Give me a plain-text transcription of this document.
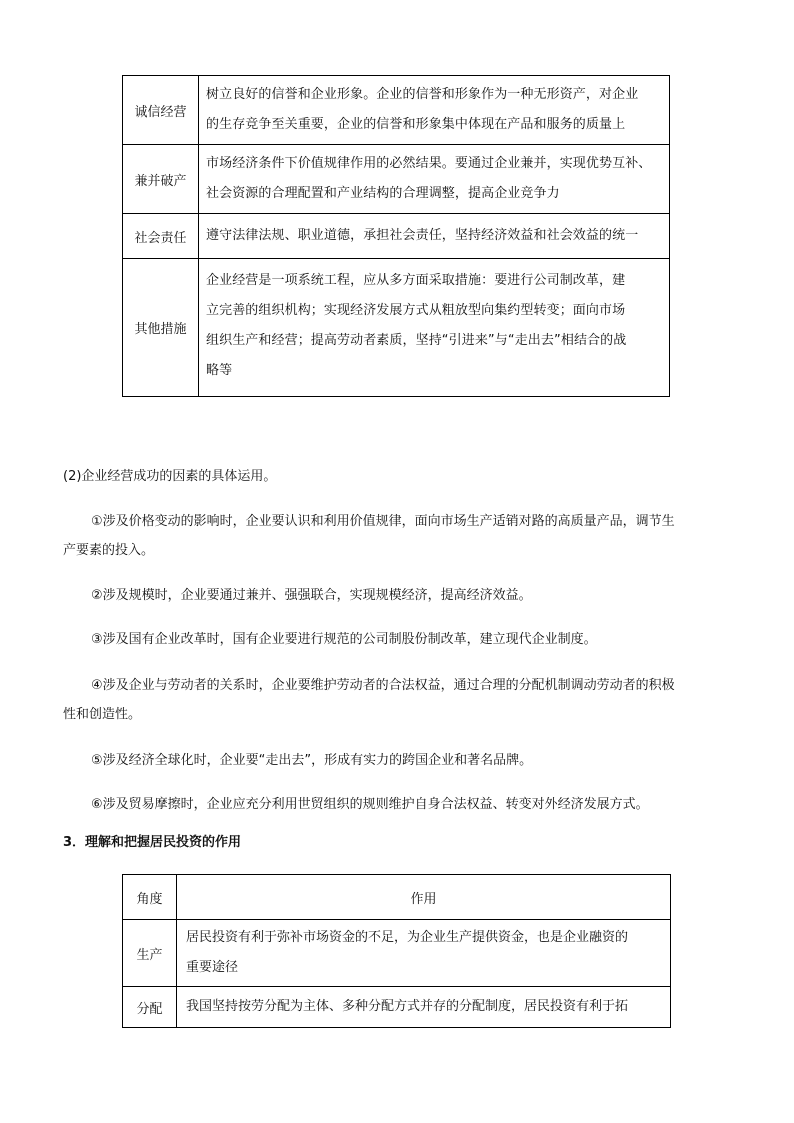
诚信经营	树立良好的信誉和企业形象。企业的信誉和形象作为一种无形资产，对企业
的生存竞争至关重要，企业的信誉和形象集中体现在产品和服务的质量上

兼并破产	市场经济条件下价值规律作用的必然结果。要通过企业兼并，实现优势互补、
社会资源的合理配置和产业结构的合理调整，提高企业竞争力

社会责任	遵守法律法规、职业道德，承担社会责任，坚持经济效益和社会效益的统一

其他措施	企业经营是一项系统工程，应从多方面采取措施：要进行公司制改革，建
立完善的组织机构；实现经济发展方式从粗放型向集约型转变；面向市场
组织生产和经营；提高劳动者素质，坚持“引进来”与“走出去”相结合的战
略等
(2)企业经营成功的因素的具体运用。
①涉及价格变动的影响时，企业要认识和利用价值规律，面向市场生产适销对路的高质量产品，调节生
产要素的投入。
②涉及规模时，企业要通过兼并、强强联合，实现规模经济，提高经济效益。
③涉及国有企业改革时，国有企业要进行规范的公司制股份制改革，建立现代企业制度。
④涉及企业与劳动者的关系时，企业要维护劳动者的合法权益，通过合理的分配机制调动劳动者的积极
性和创造性。
⑤涉及经济全球化时，企业要“走出去”，形成有实力的跨国企业和著名品牌。
⑥涉及贸易摩擦时，企业应充分利用世贸组织的规则维护自身合法权益、转变对外经济发展方式。
3．理解和把握居民投资的作用
角度	作用
生产	居民投资有利于弥补市场资金的不足，为企业生产提供资金，也是企业融资的
重要途径

分配	我国坚持按劳分配为主体、多种分配方式并存的分配制度，居民投资有利于拓
